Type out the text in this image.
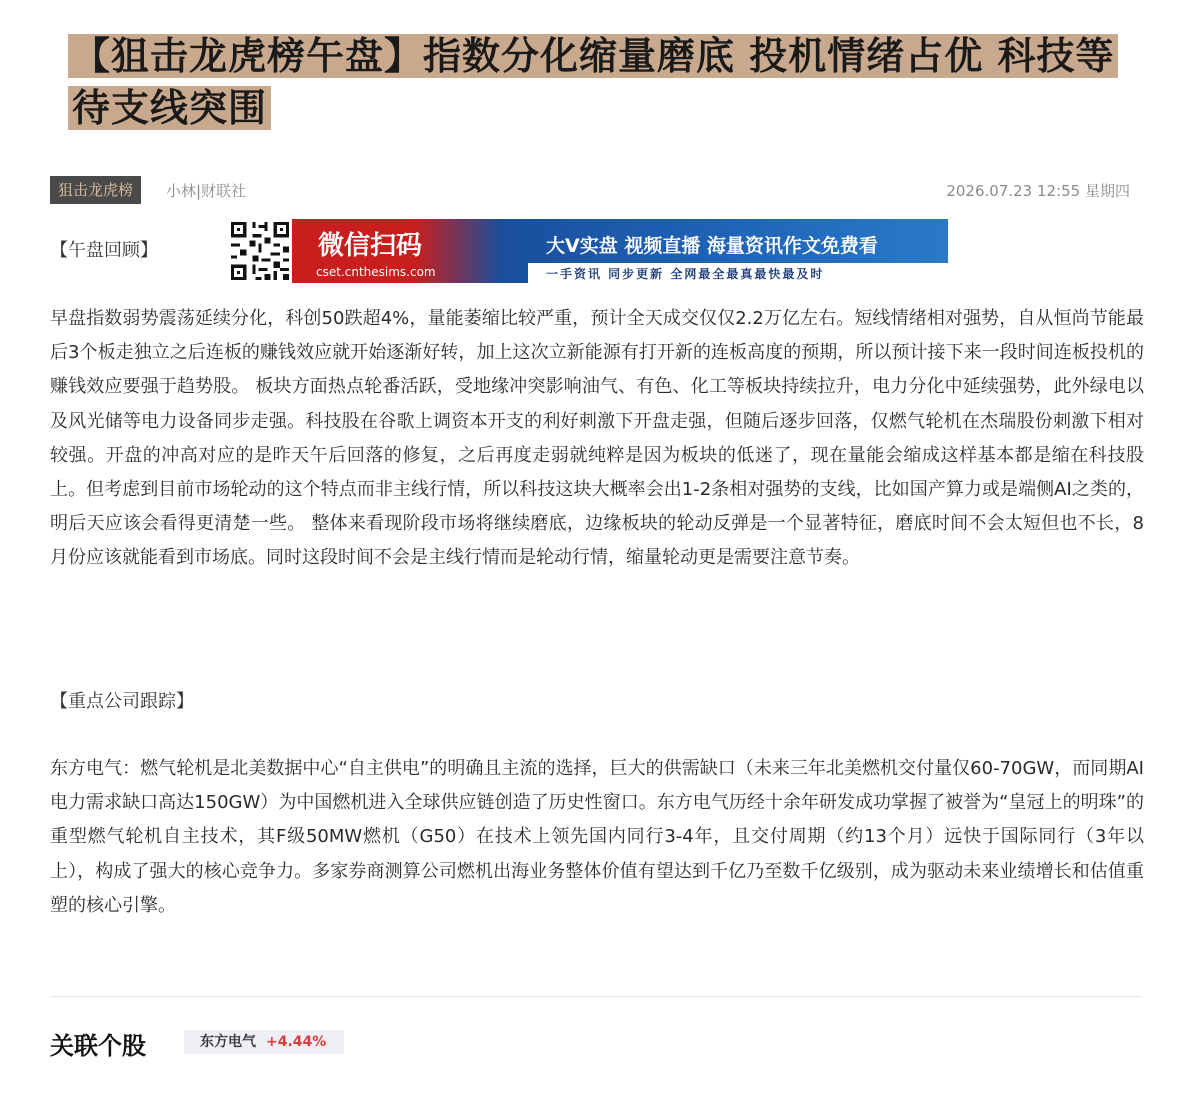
【狙击龙虎榜午盘】指数分化缩量磨底 投机情绪占优 科技等待支线突围
狙击龙虎榜	小林|财联社	2026.07.23 12:55 星期四
【午盘回顾】	微信扫码
cset.cnthesims.com
大V实盘 视频直播 海量资讯作文免费看
一手资讯 同步更新 全网最全最真最快最及时

早盘指数弱势震荡延续分化，科创50跌超4%，量能萎缩比较严重，预计全天成交仅仅2.2万亿左右。短线情绪相对强势，自从恒尚节能最后3个板走独立之后连板的赚钱效应就开始逐渐好转，加上这次立新能源有打开新的连板高度的预期，所以预计接下来一段时间连板投机的赚钱效应要强于趋势股。 板块方面热点轮番活跃，受地缘冲突影响油气、有色、化工等板块持续拉升，电力分化中延续强势，此外绿电以及风光储等电力设备同步走强。科技股在谷歌上调资本开支的利好刺激下开盘走强，但随后逐步回落，仅燃气轮机在杰瑞股份刺激下相对较强。开盘的冲高对应的是昨天午后回落的修复，之后再度走弱就纯粹是因为板块的低迷了，现在量能会缩成这样基本都是缩在科技股上。但考虑到目前市场轮动的这个特点而非主线行情，所以科技这块大概率会出1-2条相对强势的支线，比如国产算力或是端侧AI之类的，明后天应该会看得更清楚一些。 整体来看现阶段市场将继续磨底，边缘板块的轮动反弹是一个显著特征，磨底时间不会太短但也不长，8月份应该就能看到市场底。同时这段时间不会是主线行情而是轮动行情，缩量轮动更是需要注意节奏。

【重点公司跟踪】

东方电气：燃气轮机是北美数据中心“自主供电”的明确且主流的选择，巨大的供需缺口（未来三年北美燃机交付量仅60-70GW，而同期AI电力需求缺口高达150GW）为中国燃机进入全球供应链创造了历史性窗口。东方电气历经十余年研发成功掌握了被誉为“皇冠上的明珠”的重型燃气轮机自主技术，其F级50MW燃机（G50）在技术上领先国内同行3-4年，且交付周期（约13个月）远快于国际同行（3年以上），构成了强大的核心竞争力。多家券商测算公司燃机出海业务整体价值有望达到千亿乃至数千亿级别，成为驱动未来业绩增长和估值重塑的核心引擎。

关联个股	东方电气 +4.44%
